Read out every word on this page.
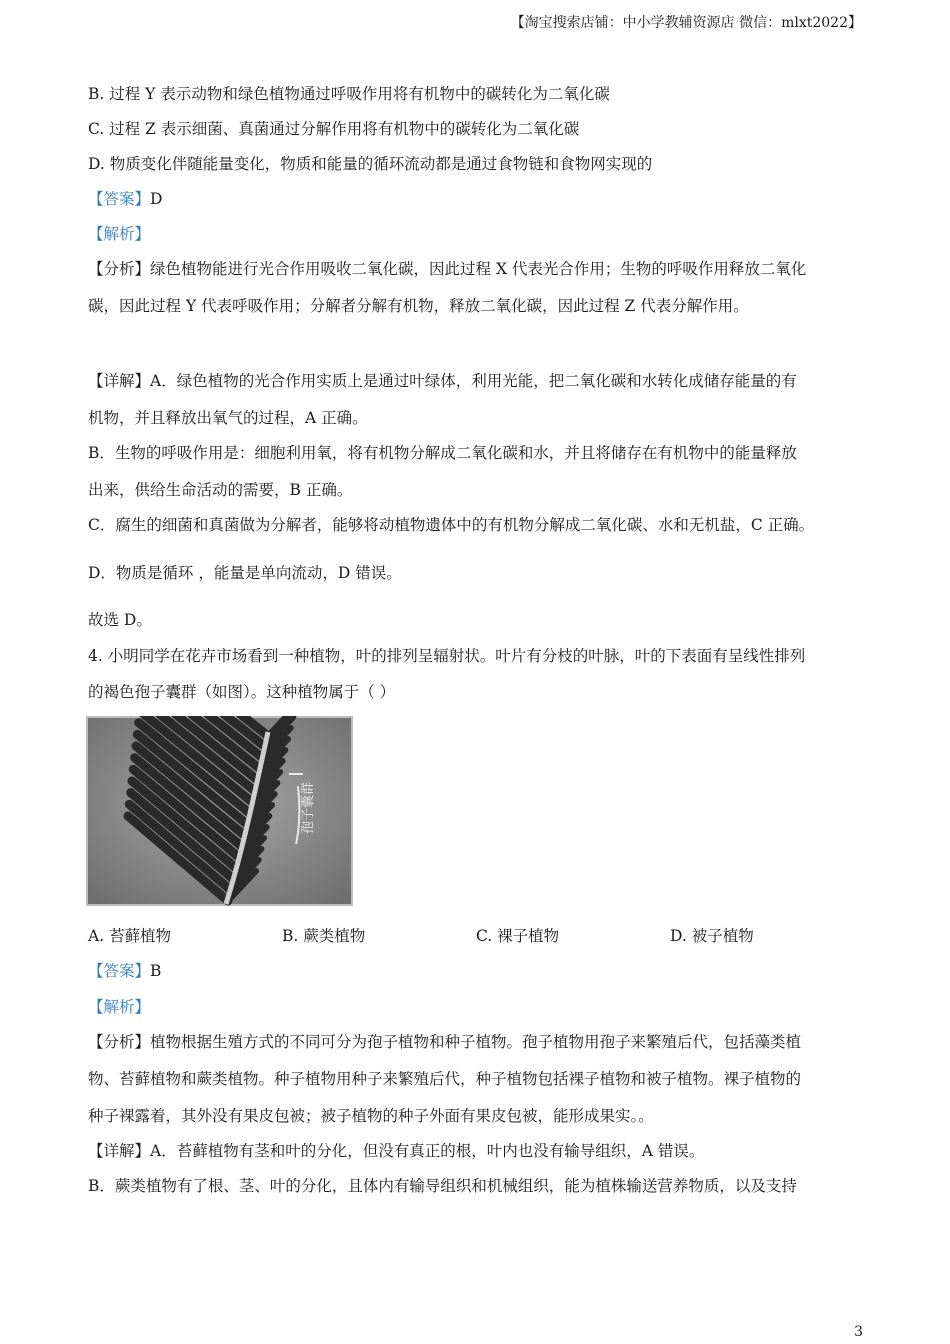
【淘宝搜索店铺：中小学教辅资源店 微信：mlxt2022】
B. 过程 Y 表示动物和绿色植物通过呼吸作用将有机物中的碳转化为二氧化碳
C. 过程 Z 表示细菌、真菌通过分解作用将有机物中的碳转化为二氧化碳
D. 物质变化伴随能量变化，物质和能量的循环流动都是通过食物链和食物网实现的
【答案】D
【解析】
【分析】绿色植物能进行光合作用吸收二氧化碳，因此过程 X 代表光合作用；生物的呼吸作用释放二氧化
碳，因此过程 Y 代表呼吸作用；分解者分解有机物，释放二氧化碳，因此过程 Z 代表分解作用。
【详解】A．绿色植物的光合作用实质上是通过叶绿体，利用光能，把二氧化碳和水转化成储存能量的有
机物，并且释放出氧气的过程，A 正确。
B．生物的呼吸作用是：细胞利用氧，将有机物分解成二氧化碳和水，并且将储存在有机物中的能量释放
出来，供给生命活动的需要，B 正确。
C．腐生的细菌和真菌做为分解者，能够将动植物遗体中的有机物分解成二氧化碳、水和无机盐，C 正确。
D．物质是循环 ，能量是单向流动，D 错误。
故选 D。
4. 小明同学在花卉市场看到一种植物，叶的排列呈辐射状。叶片有分枝的叶脉，叶的下表面有呈线性排列
的褐色孢子囊群（如图）。这种植物属于（ ）
孢子囊群
A. 苔藓植物	B. 蕨类植物	C. 裸子植物	D. 被子植物
【答案】B
【解析】
【分析】植物根据生殖方式的不同可分为孢子植物和种子植物。孢子植物用孢子来繁殖后代，包括藻类植
物、苔藓植物和蕨类植物。种子植物用种子来繁殖后代，种子植物包括裸子植物和被子植物。裸子植物的
种子裸露着，其外没有果皮包被；被子植物的种子外面有果皮包被，能形成果实。。
【详解】A．苔藓植物有茎和叶的分化，但没有真正的根，叶内也没有输导组织，A 错误。
B．蕨类植物有了根、茎、叶的分化，且体内有输导组织和机械组织，能为植株输送营养物质，以及支持
3
